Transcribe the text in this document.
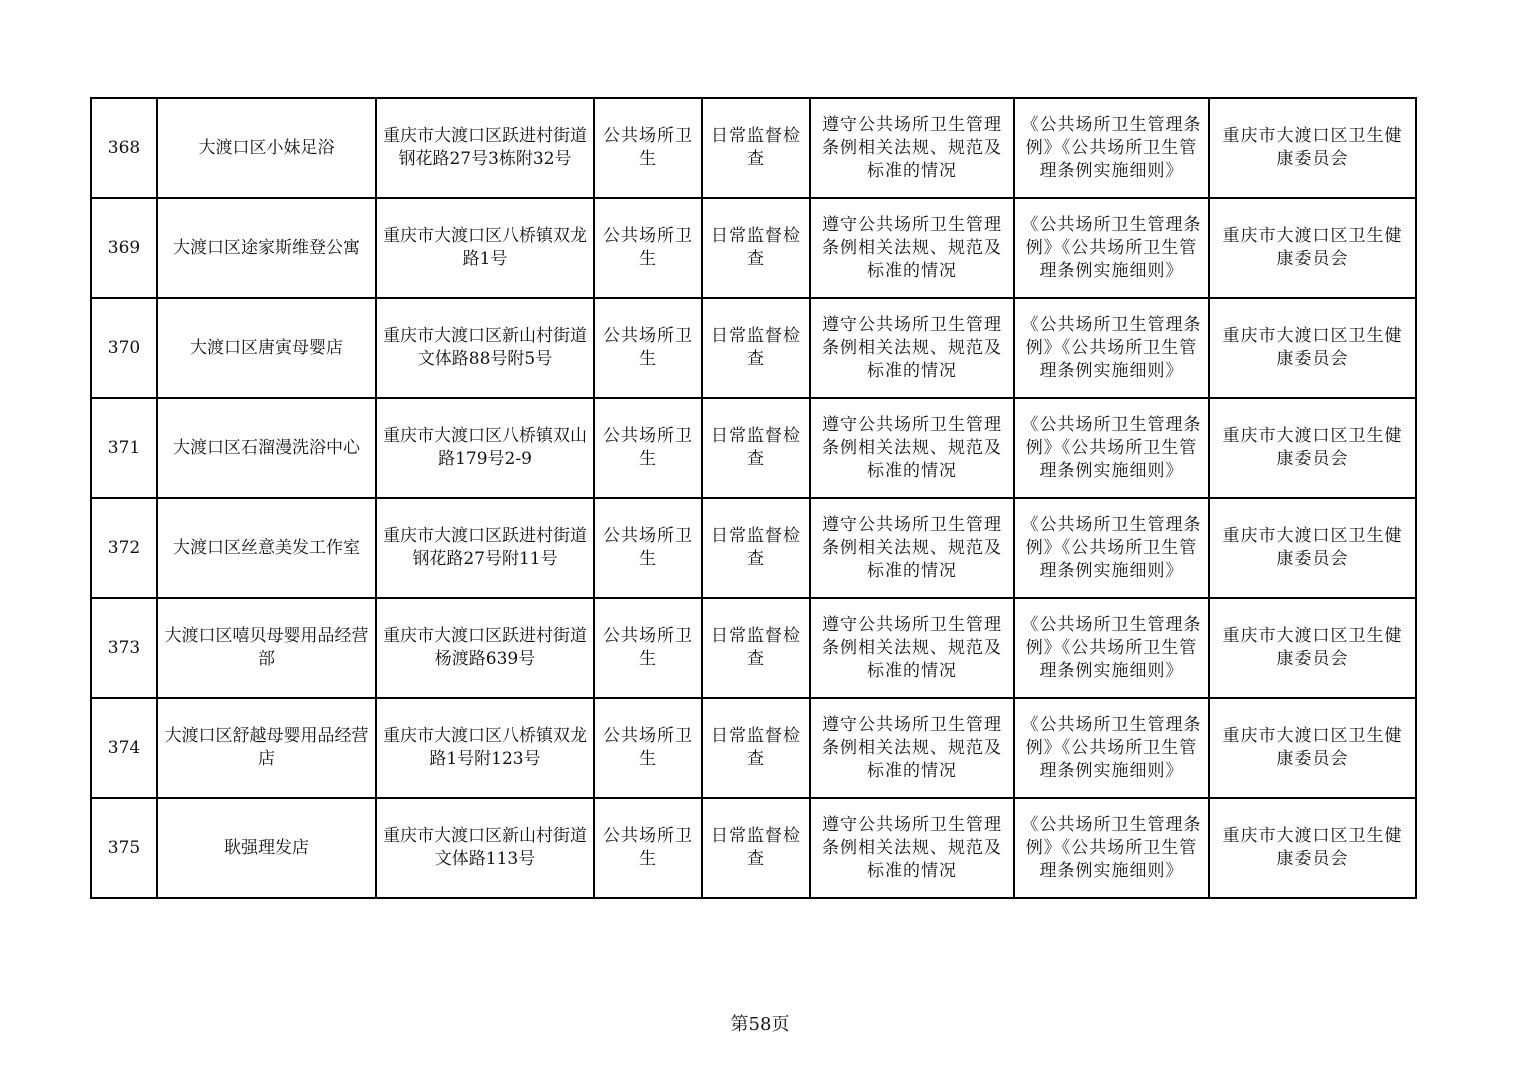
368	大渡口区小妹足浴	重庆市大渡口区跃进村街道钢花路27号3栋附32号	公共场所卫生	日常监督检查	遵守公共场所卫生管理条例相关法规、规范及标准的情况	《公共场所卫生管理条例》《公共场所卫生管理条例实施细则》	重庆市大渡口区卫生健康委员会
369	大渡口区途家斯维登公寓	重庆市大渡口区八桥镇双龙路1号	公共场所卫生	日常监督检查	遵守公共场所卫生管理条例相关法规、规范及标准的情况	《公共场所卫生管理条例》《公共场所卫生管理条例实施细则》	重庆市大渡口区卫生健康委员会
370	大渡口区唐寅母婴店	重庆市大渡口区新山村街道文体路88号附5号	公共场所卫生	日常监督检查	遵守公共场所卫生管理条例相关法规、规范及标准的情况	《公共场所卫生管理条例》《公共场所卫生管理条例实施细则》	重庆市大渡口区卫生健康委员会
371	大渡口区石溜漫洗浴中心	重庆市大渡口区八桥镇双山路179号2-9	公共场所卫生	日常监督检查	遵守公共场所卫生管理条例相关法规、规范及标准的情况	《公共场所卫生管理条例》《公共场所卫生管理条例实施细则》	重庆市大渡口区卫生健康委员会
372	大渡口区丝意美发工作室	重庆市大渡口区跃进村街道钢花路27号附11号	公共场所卫生	日常监督检查	遵守公共场所卫生管理条例相关法规、规范及标准的情况	《公共场所卫生管理条例》《公共场所卫生管理条例实施细则》	重庆市大渡口区卫生健康委员会
373	大渡口区嘻贝母婴用品经营部	重庆市大渡口区跃进村街道杨渡路639号	公共场所卫生	日常监督检查	遵守公共场所卫生管理条例相关法规、规范及标准的情况	《公共场所卫生管理条例》《公共场所卫生管理条例实施细则》	重庆市大渡口区卫生健康委员会
374	大渡口区舒越母婴用品经营店	重庆市大渡口区八桥镇双龙路1号附123号	公共场所卫生	日常监督检查	遵守公共场所卫生管理条例相关法规、规范及标准的情况	《公共场所卫生管理条例》《公共场所卫生管理条例实施细则》	重庆市大渡口区卫生健康委员会
375	耿强理发店	重庆市大渡口区新山村街道文体路113号	公共场所卫生	日常监督检查	遵守公共场所卫生管理条例相关法规、规范及标准的情况	《公共场所卫生管理条例》《公共场所卫生管理条例实施细则》	重庆市大渡口区卫生健康委员会
第58页
